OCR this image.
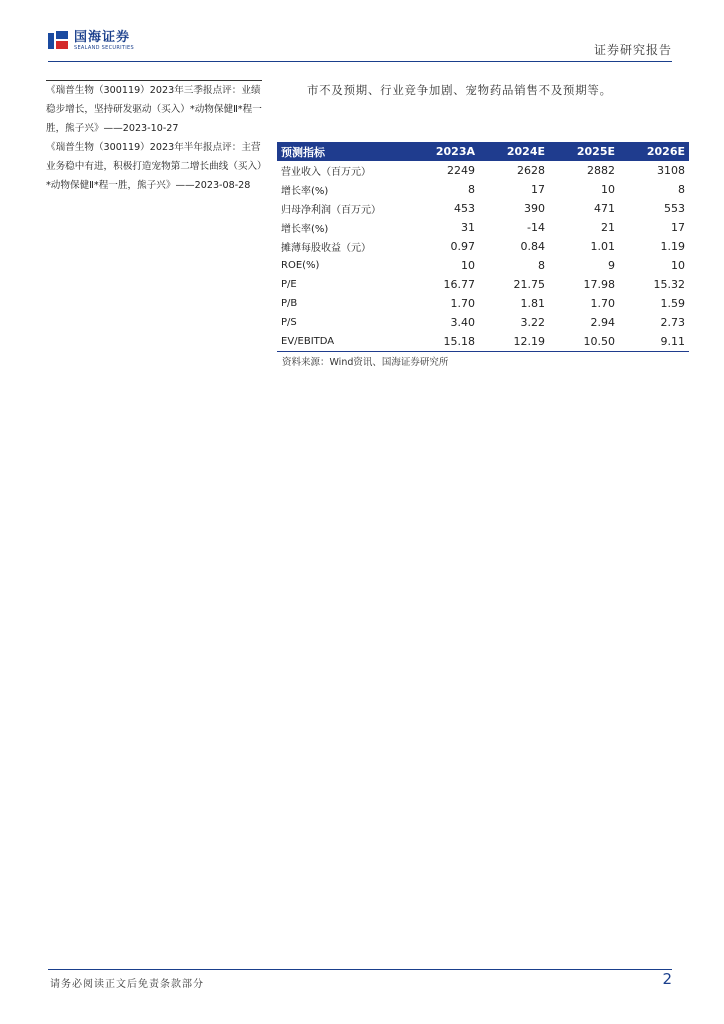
国海证券
SEALAND SECURITIES	证券研究报告

《瑞普生物（300119）2023年三季报点评：业绩稳步增长，坚持研发驱动（买入）*动物保健Ⅱ*程一胜，熊子兴》——2023-10-27

《瑞普生物（300119）2023年半年报点评：主营业务稳中有进，积极打造宠物第二增长曲线（买入）*动物保健Ⅱ*程一胜，熊子兴》——2023-08-28

市不及预期、行业竞争加剧、宠物药品销售不及预期等。
预测指标	2023A	2024E	2025E	2026E
营业收入（百万元）	2249	2628	2882	3108
增长率(%)	8	17	10	8
归母净利润（百万元）	453	390	471	553
增长率(%)	31	-14	21	17
摊薄每股收益（元）	0.97	0.84	1.01	1.19
ROE(%)	10	8	9	10
P/E	16.77	21.75	17.98	15.32
P/B	1.70	1.81	1.70	1.59
P/S	3.40	3.22	2.94	2.73
EV/EBITDA	15.18	12.19	10.50	9.11
资料来源：Wind资讯、国海证券研究所
请务必阅读正文后免责条款部分	2
